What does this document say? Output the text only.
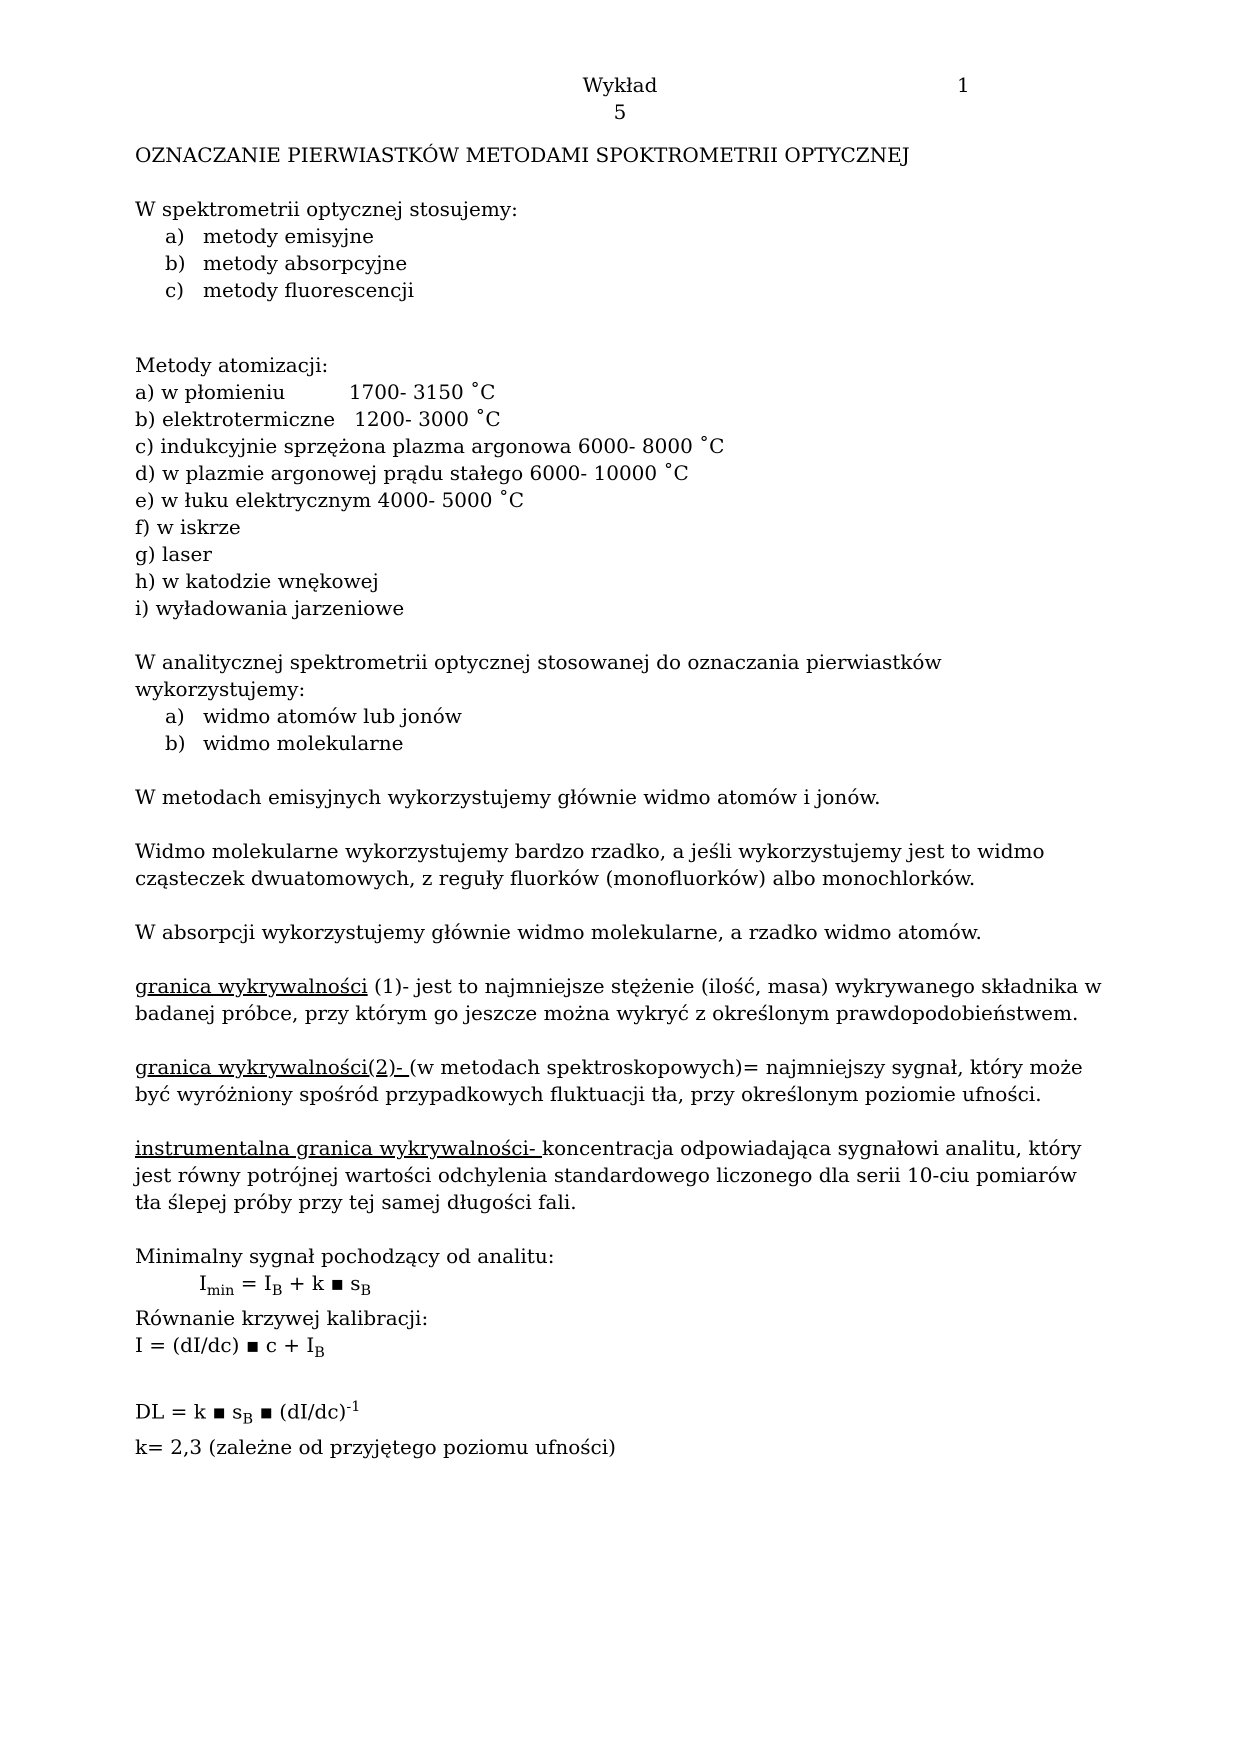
Wykład	1
5

OZNACZANIE PIERWIASTKÓW METODAMI SPOKTROMETRII OPTYCZNEJ

W spektrometrii optycznej stosujemy:

a) metody emisyjne
b) metody absorpcyjne
c) metody fluorescencji
Metody atomizacji:
a) w płomieniu          1700- 3150 ˚C
b) elektrotermiczne   1200- 3000 ˚C
c) indukcyjnie sprzężona plazma argonowa 6000- 8000 ˚C
d) w plazmie argonowej prądu stałego 6000- 10000 ˚C
e) w łuku elektrycznym 4000- 5000 ˚C
f) w iskrze
g) laser
h) w katodzie wnękowej
i) wyładowania jarzeniowe

W analitycznej spektrometrii optycznej stosowanej do oznaczania pierwiastków wykorzystujemy:

a) widmo atomów lub jonów
b) widmo molekularne

W metodach emisyjnych wykorzystujemy głównie widmo atomów i jonów.

Widmo molekularne wykorzystujemy bardzo rzadko, a jeśli wykorzystujemy jest to widmo cząsteczek dwuatomowych, z reguły fluorków (monofluorków) albo monochlorków.

W absorpcji wykorzystujemy głównie widmo molekularne, a rzadko widmo atomów.

granica wykrywalności (1)- jest to najmniejsze stężenie (ilość, masa) wykrywanego składnika w badanej próbce, przy którym go jeszcze można wykryć z określonym prawdopodobieństwem.

granica wykrywalności(2)- (w metodach spektroskopowych)= najmniejszy sygnał, który może być wyróżniony spośród przypadkowych fluktuacji tła, przy określonym poziomie ufności.

instrumentalna granica wykrywalności- koncentracja odpowiadająca sygnałowi analitu, który jest równy potrójnej wartości odchylenia standardowego liczonego dla serii 10-ciu pomiarów tła ślepej próby przy tej samej długości fali.

Minimalny sygnał pochodzący od analitu:
$I_{min} = I_B + k$ ▪ $s_B$
Równanie krzywej kalibracji:
I = (dI/dc) ▪ $c + I_B$
DL = k ▪ $s_B$ ▪ $(dI/dc)^{-1}$
k= 2,3 (zależne od przyjętego poziomu ufności)
